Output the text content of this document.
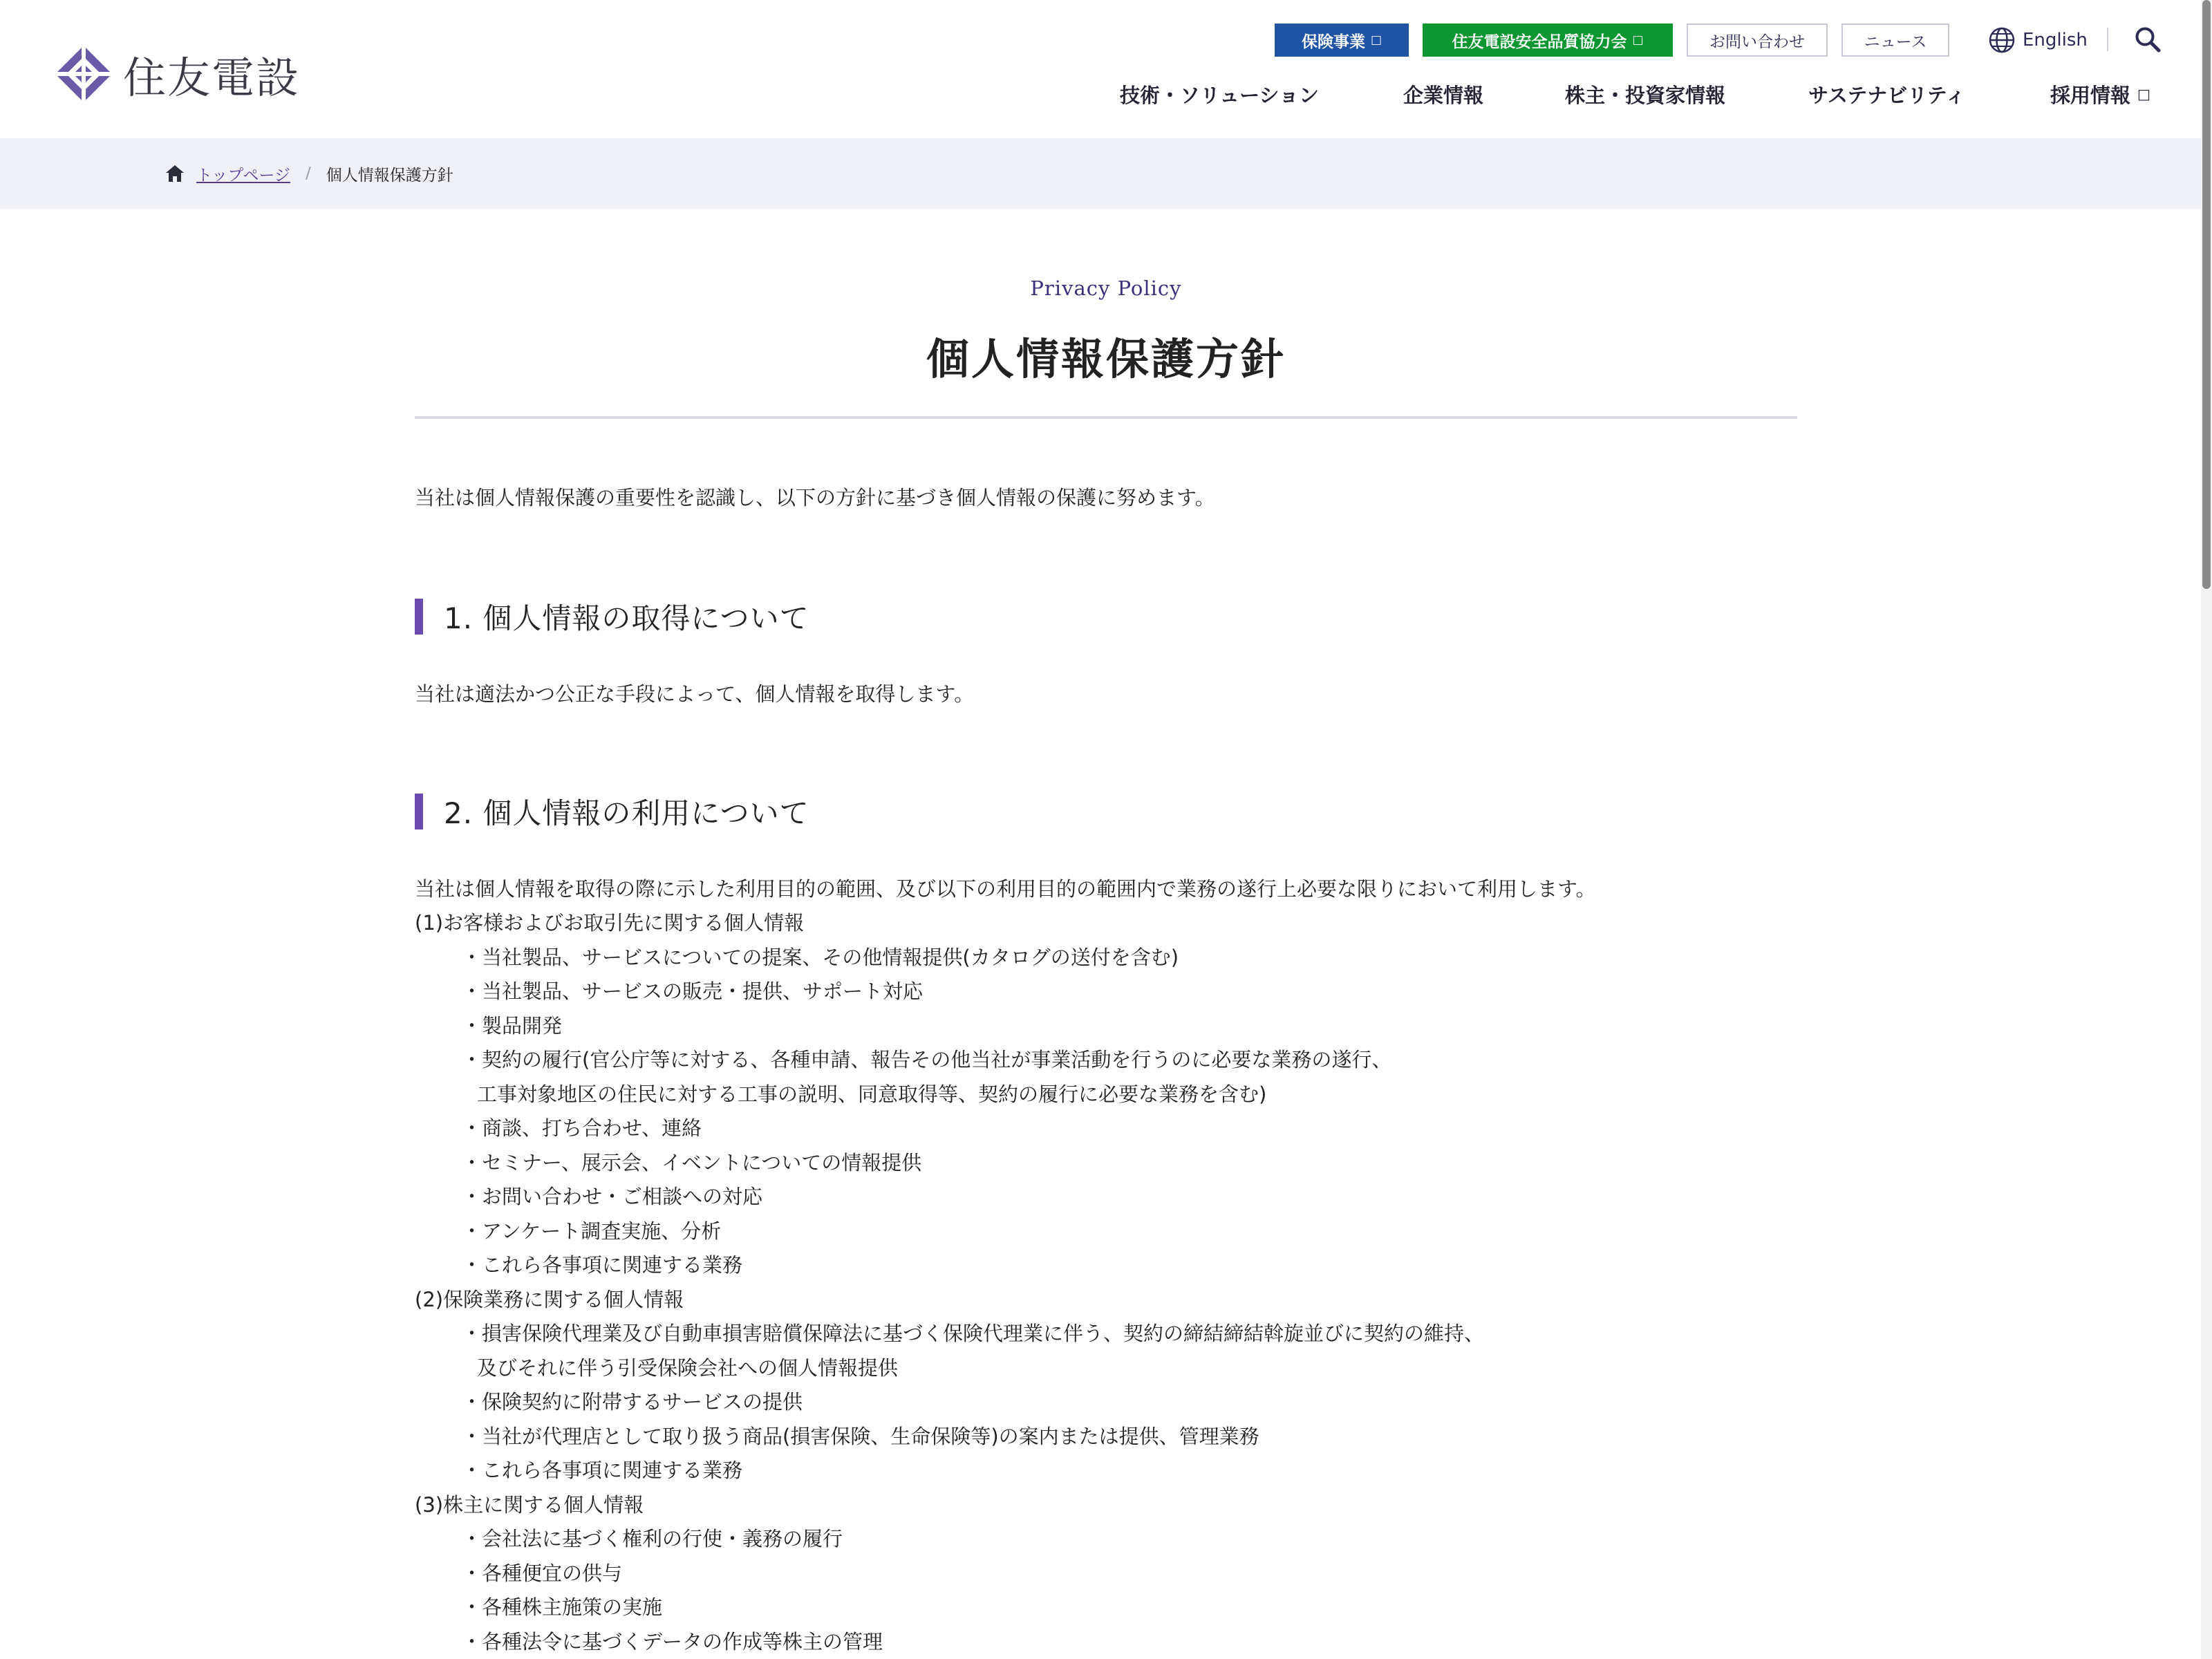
住友電設
保険事業 □	住友電設安全品質協力会 □	お問い合わせ	ニュース	English
技術・ソリューション	企業情報	株主・投資家情報	サステナビリティ	採用情報 □
トップページ / 個人情報保護方針
Privacy Policy
個人情報保護方針
当社は個人情報保護の重要性を認識し、以下の方針に基づき個人情報の保護に努めます。
1. 個人情報の取得について
当社は適法かつ公正な手段によって、個人情報を取得します。
2. 個人情報の利用について
当社は個人情報を取得の際に示した利用目的の範囲、及び以下の利用目的の範囲内で業務の遂行上必要な限りにおいて利用します。
(1)お客様およびお取引先に関する個人情報
・当社製品、サービスについての提案、その他情報提供(カタログの送付を含む)
・当社製品、サービスの販売・提供、サポート対応
・製品開発
・契約の履行(官公庁等に対する、各種申請、報告その他当社が事業活動を行うのに必要な業務の遂行、
工事対象地区の住民に対する工事の説明、同意取得等、契約の履行に必要な業務を含む)
・商談、打ち合わせ、連絡
・セミナー、展示会、イベントについての情報提供
・お問い合わせ・ご相談への対応
・アンケート調査実施、分析
・これら各事項に関連する業務
(2)保険業務に関する個人情報
・損害保険代理業及び自動車損害賠償保障法に基づく保険代理業に伴う、契約の締結締結斡旋並びに契約の維持、
及びそれに伴う引受保険会社への個人情報提供
・保険契約に附帯するサービスの提供
・当社が代理店として取り扱う商品(損害保険、生命保険等)の案内または提供、管理業務
・これら各事項に関連する業務
(3)株主に関する個人情報
・会社法に基づく権利の行使・義務の履行
・各種便宜の供与
・各種株主施策の実施
・各種法令に基づくデータの作成等株主の管理
